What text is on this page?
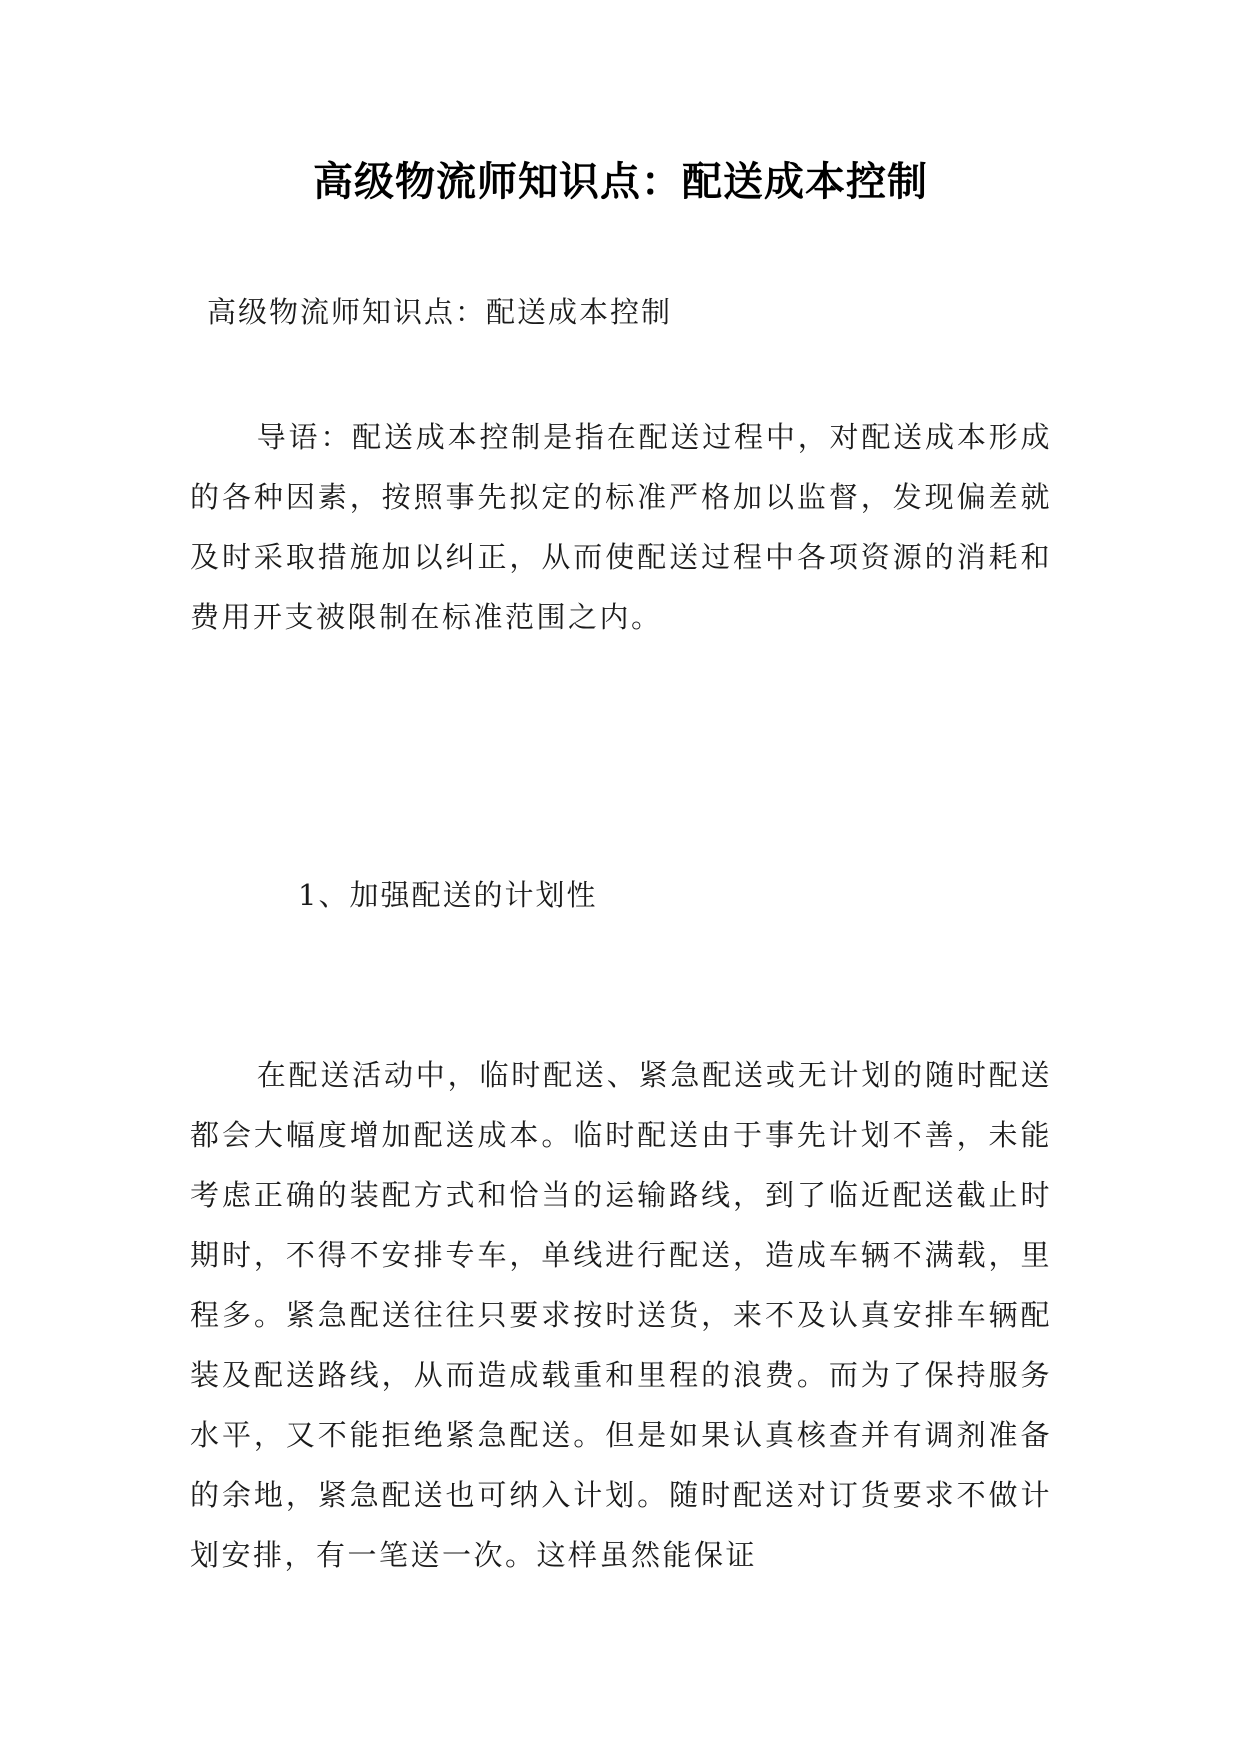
高级物流师知识点：配送成本控制

高级物流师知识点：配送成本控制

导语：配送成本控制是指在配送过程中，对配送成本形成的各种因素，按照事先拟定的标准严格加以监督，发现偏差就及时采取措施加以纠正，从而使配送过程中各项资源的消耗和费用开支被限制在标准范围之内。

1、加强配送的计划性

在配送活动中，临时配送、紧急配送或无计划的随时配送都会大幅度增加配送成本。临时配送由于事先计划不善，未能考虑正确的装配方式和恰当的运输路线，到了临近配送截止时期时，不得不安排专车，单线进行配送，造成车辆不满载，里程多。紧急配送往往只要求按时送货，来不及认真安排车辆配装及配送路线，从而造成载重和里程的浪费。而为了保持服务水平，又不能拒绝紧急配送。但是如果认真核查并有调剂准备的余地，紧急配送也可纳入计划。随时配送对订货要求不做计划安排，有一笔送一次。这样虽然能保证
